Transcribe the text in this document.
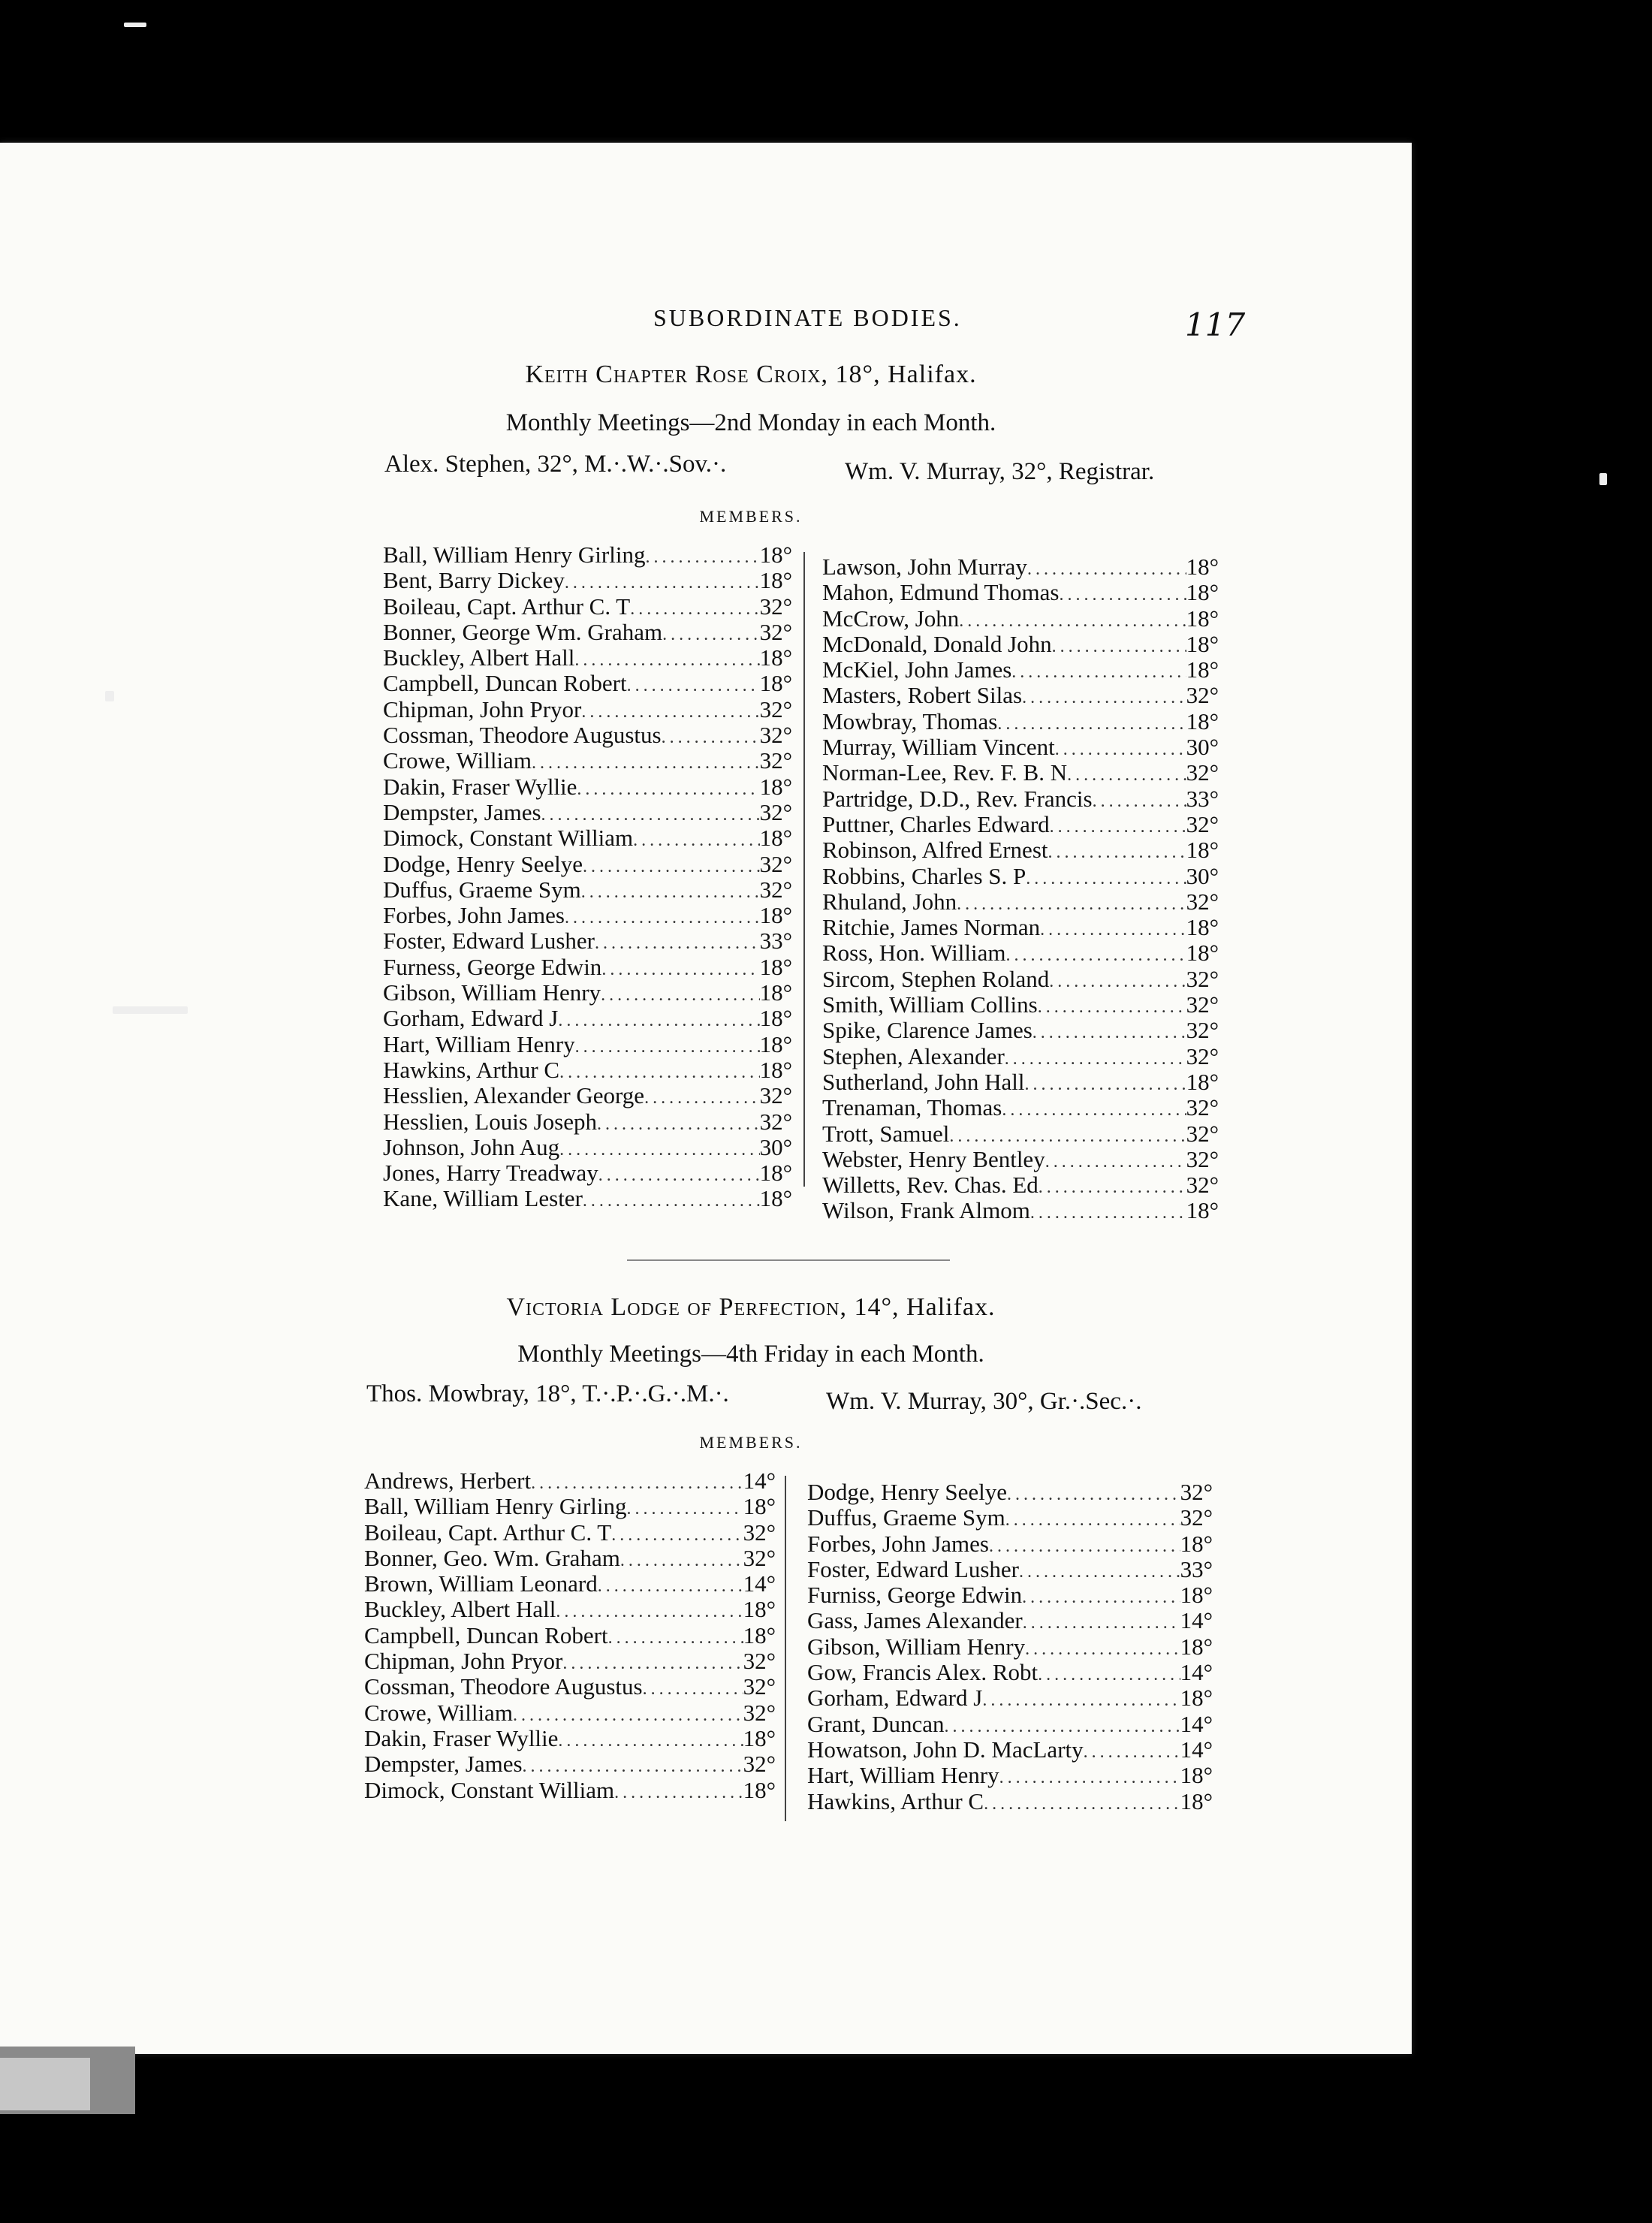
SUBORDINATE BODIES.	117
Keith Chapter Rose Croix, 18°, Halifax.
Monthly Meetings—2nd Monday in each Month.
Alex. Stephen, 32°, M.·.W.·.Sov.·.	Wm. V. Murray, 32°, Registrar.
MEMBERS.
Ball, William Henry Girling .....	18°
Bent, Barry Dickey .....	18°
Boileau, Capt. Arthur C. T .....	32°
Bonner, George Wm. Graham .....	32°
Buckley, Albert Hall .....	18°
Campbell, Duncan Robert .....	18°
Chipman, John Pryor .....	32°
Cossman, Theodore Augustus .....	32°
Crowe, William .....	32°
Dakin, Fraser Wyllie .....	18°
Dempster, James .....	32°
Dimock, Constant William .....	18°
Dodge, Henry Seelye .....	32°
Duffus, Graeme Sym .....	32°
Forbes, John James .....	18°
Foster, Edward Lusher .....	33°
Furness, George Edwin .....	18°
Gibson, William Henry .....	18°
Gorham, Edward J .....	18°
Hart, William Henry .....	18°
Hawkins, Arthur C .....	18°
Hesslien, Alexander George .....	32°
Hesslien, Louis Joseph .....	32°
Johnson, John Aug .....	30°
Jones, Harry Treadway .....	18°
Kane, William Lester .....	18°
Lawson, John Murray .....	18°
Mahon, Edmund Thomas .....	18°
McCrow, John .....	18°
McDonald, Donald John .....	18°
McKiel, John James .....	18°
Masters, Robert Silas .....	32°
Mowbray, Thomas .....	18°
Murray, William Vincent .....	30°
Norman-Lee, Rev. F. B. N .....	32°
Partridge, D.D., Rev. Francis .....	33°
Puttner, Charles Edward .....	32°
Robinson, Alfred Ernest .....	18°
Robbins, Charles S. P .....	30°
Rhuland, John .....	32°
Ritchie, James Norman .....	18°
Ross, Hon. William .....	18°
Sircom, Stephen Roland .....	32°
Smith, William Collins .....	32°
Spike, Clarence James .....	32°
Stephen, Alexander .....	32°
Sutherland, John Hall .....	18°
Trenaman, Thomas .....	32°
Trott, Samuel .....	32°
Webster, Henry Bentley .....	32°
Willetts, Rev. Chas. Ed .....	32°
Wilson, Frank Almom .....	18°
Victoria Lodge of Perfection, 14°, Halifax.
Monthly Meetings—4th Friday in each Month.
Thos. Mowbray, 18°, T.·.P.·.G.·.M.·.	Wm. V. Murray, 30°, Gr.·.Sec.·.
MEMBERS.
Andrews, Herbert .....	14°
Ball, William Henry Girling .....	18°
Boileau, Capt. Arthur C. T .....	32°
Bonner, Geo. Wm. Graham .....	32°
Brown, William Leonard .....	14°
Buckley, Albert Hall .....	18°
Campbell, Duncan Robert .....	18°
Chipman, John Pryor .....	32°
Cossman, Theodore Augustus .....	32°
Crowe, William .....	32°
Dakin, Fraser Wyllie .....	18°
Dempster, James .....	32°
Dimock, Constant William .....	18°
Dodge, Henry Seelye .....	32°
Duffus, Graeme Sym .....	32°
Forbes, John James .....	18°
Foster, Edward Lusher .....	33°
Furniss, George Edwin .....	18°
Gass, James Alexander .....	14°
Gibson, William Henry .....	18°
Gow, Francis Alex. Robt .....	14°
Gorham, Edward J .....	18°
Grant, Duncan .....	14°
Howatson, John D. MacLarty .....	14°
Hart, William Henry .....	18°
Hawkins, Arthur C .....	18°
